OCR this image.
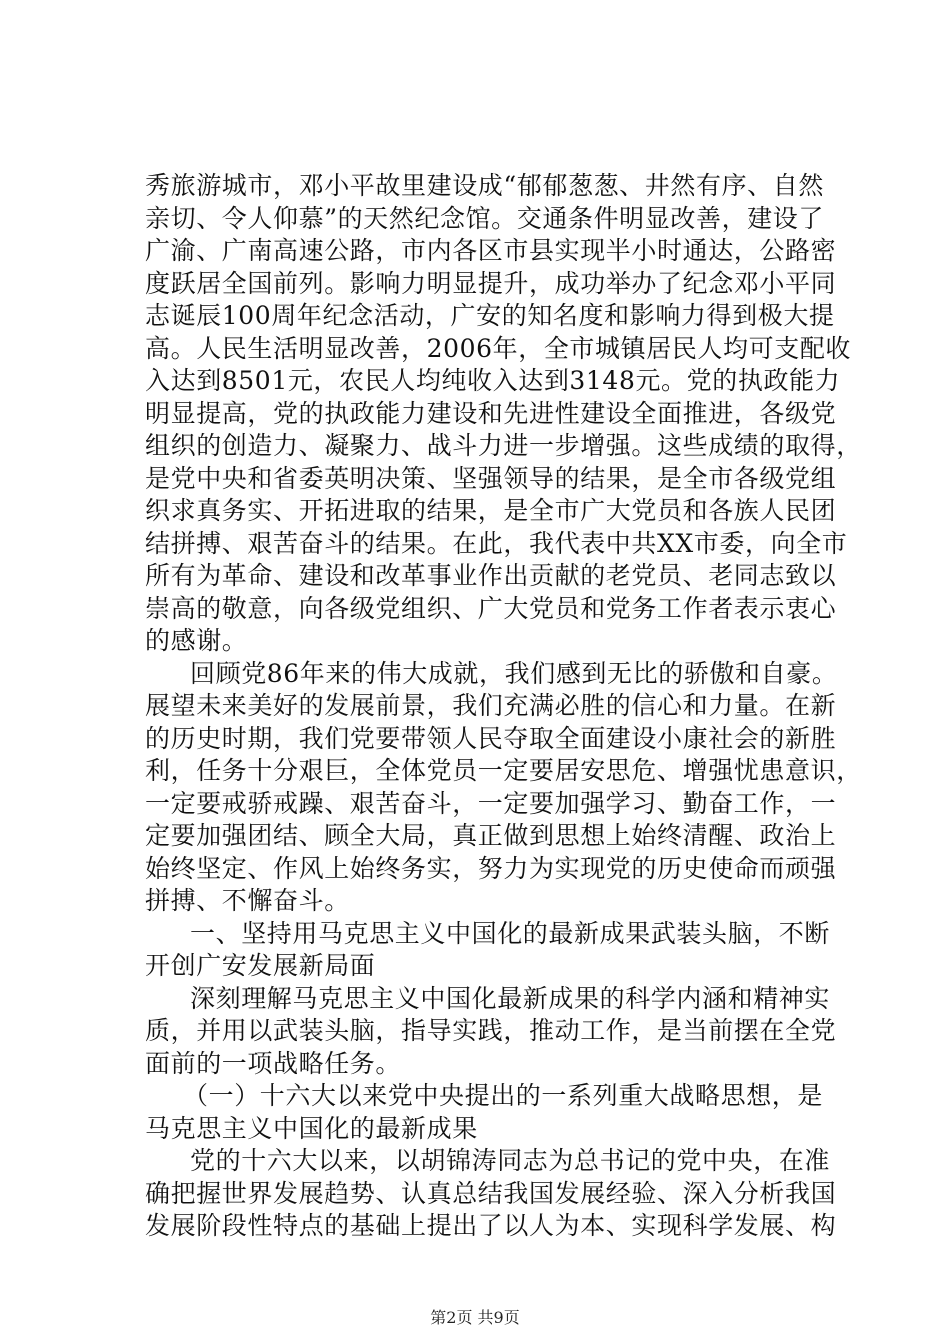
秀旅游城市，邓小平故里建设成“郁郁葱葱、井然有序、自然
亲切、令人仰慕”的天然纪念馆。交通条件明显改善，建设了
广渝、广南高速公路，市内各区市县实现半小时通达，公路密
度跃居全国前列。影响力明显提升，成功举办了纪念邓小平同
志诞辰100周年纪念活动，广安的知名度和影响力得到极大提
高。人民生活明显改善，2006年，全市城镇居民人均可支配收
入达到8501元，农民人均纯收入达到3148元。党的执政能力
明显提高，党的执政能力建设和先进性建设全面推进，各级党
组织的创造力、凝聚力、战斗力进一步增强。这些成绩的取得，
是党中央和省委英明决策、坚强领导的结果，是全市各级党组
织求真务实、开拓进取的结果，是全市广大党员和各族人民团
结拼搏、艰苦奋斗的结果。在此，我代表中共XX市委，向全市
所有为革命、建设和改革事业作出贡献的老党员、老同志致以
崇高的敬意，向各级党组织、广大党员和党务工作者表示衷心
的感谢。
回顾党86年来的伟大成就，我们感到无比的骄傲和自豪。
展望未来美好的发展前景，我们充满必胜的信心和力量。在新
的历史时期，我们党要带领人民夺取全面建设小康社会的新胜
利，任务十分艰巨，全体党员一定要居安思危、增强忧患意识，
一定要戒骄戒躁、艰苦奋斗，一定要加强学习、勤奋工作，一
定要加强团结、顾全大局，真正做到思想上始终清醒、政治上
始终坚定、作风上始终务实，努力为实现党的历史使命而顽强
拼搏、不懈奋斗。
一、坚持用马克思主义中国化的最新成果武装头脑，不断
开创广安发展新局面
深刻理解马克思主义中国化最新成果的科学内涵和精神实
质，并用以武装头脑，指导实践，推动工作，是当前摆在全党
面前的一项战略任务。
（一）十六大以来党中央提出的一系列重大战略思想，是
马克思主义中国化的最新成果
党的十六大以来，以胡锦涛同志为总书记的党中央，在准
确把握世界发展趋势、认真总结我国发展经验、深入分析我国
发展阶段性特点的基础上提出了以人为本、实现科学发展、构
第2页 共9页
